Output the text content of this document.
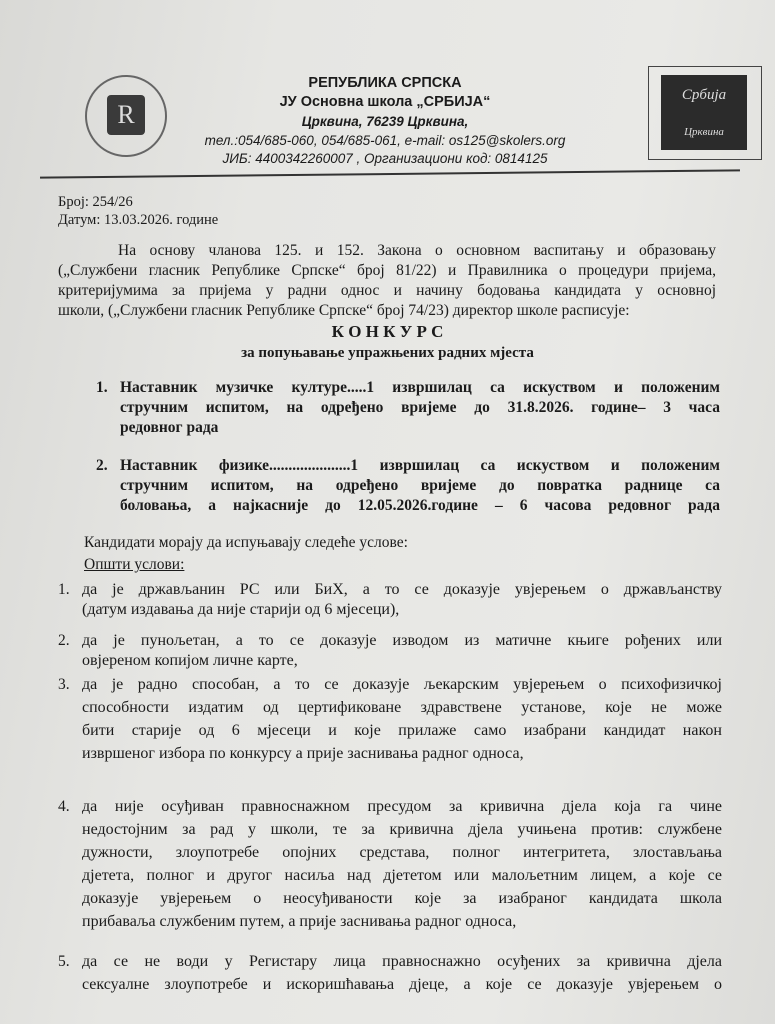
R
Србија
Црквина
РЕПУБЛИКА СРПСКА
ЈУ Основна школа „СРБИЈА“
Црквина, 76239 Црквина,
тел.:054/685-060, 054/685-061, e-mail: os125@skolers.org
ЈИБ: 4400342260007 , Организациони код: 0814125
Број: 254/26
Датум: 13.03.2026. године
На основу чланова 125. и 152. Закона о основном васпитању и образовању
(„Службени гласник Републике Српске“ број 81/22) и Правилника о процедури пријема,
критеријумима за пријема у радни однос и начину бодовања кандидата у основној
школи, („Службени гласник Републике Српске“ број 74/23) директор школе расписује:
К О Н К У Р С
за попуњавање упражњених радних мјеста
1. Наставник музичке културе.....1 извршилац са искуством и положеним
стручним испитом, на одређено вријеме до 31.8.2026. године– 3 часа
редовног рада
2. Наставник физике.....................1 извршилац са искуством и положеним
стручним испитом, на одређено вријеме до повратка раднице са
боловања, а најкасније до 12.05.2026.године – 6 часова редовног рада
Кандидати морају да испуњавају следеће услове:
Општи услови:
1. да је држављанин РС или БиХ, а то се доказује увјерењем о држављанству
(датум издавања да није старији од 6 мјесеци),
2. да је пунољетан, а то се доказује изводом из матичне књиге рођених или
овјереном копијом личне карте,
3. да је радно способан, а то се доказује љекарским увјерењем о психофизичкој
способности издатим од цертификоване здравствене установе, које не може
бити старије од 6 мјесеци и које прилаже само изабрани кандидат након
извршеног избора по конкурсу а прије заснивања радног односа,
4. да није осуђиван правноснажном пресудом за кривична дјела која га чине
недостојним за рад у школи, те за кривична дјела учињена против: службене
дужности, злоупотребе опојних средстава, полног интегритета, злостављања
дјетета, полног и другог насиља над дјететом или малољетним лицем, а које се
доказује увјерењем о неосуђиваности које за изабраног кандидата школа
прибаваља службеним путем, а прије заснивања радног односа,
5. да се не води у Регистару лица правноснажно осуђених за кривична дјела
сексуалне злоупотребе и искоришћавања дјеце, а које се доказује увјерењем о
